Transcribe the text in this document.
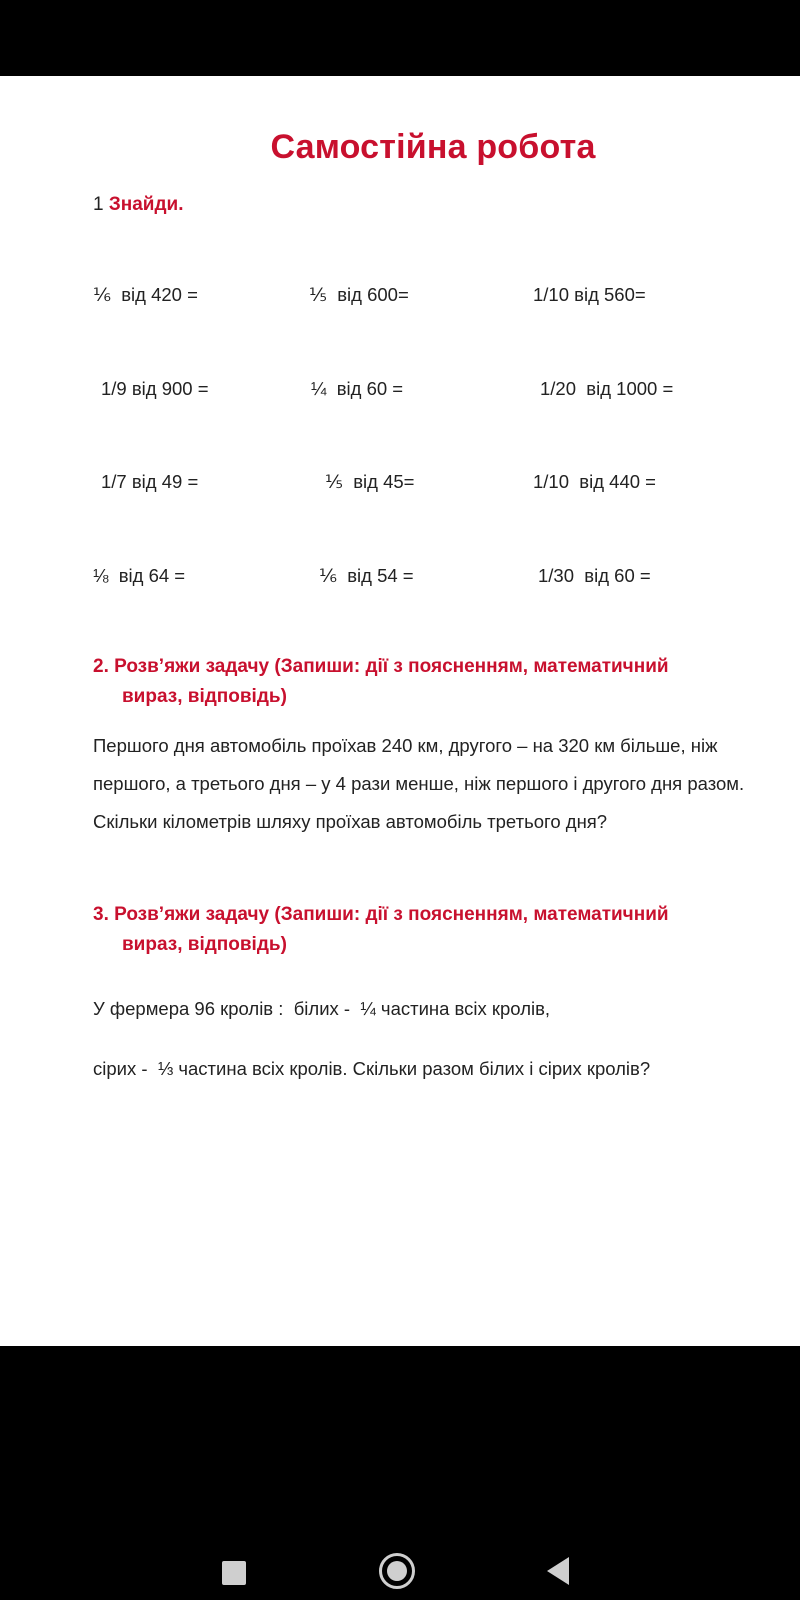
Самостійна робота
1 Знайди.
⅙  від 420 =	⅕  від 600=	1/10 від 560=
1/9 від 900 =	¼  від 60 =	1/20  від 1000 =
1/7 від 49 =	⅕  від 45=	1/10  від 440 =
⅛  від 64 =	⅙  від 54 =	1/30  від 60 =
2. Розв’яжи задачу (Запиши: дії з поясненням, математичний
вираз, відповідь)
Першого дня автомобіль проїхав 240 км, другого – на 320 км більше, ніж першого, а третього дня – у 4 рази менше, ніж першого і другого дня разом. Скільки кілометрів шляху проїхав автомобіль третього дня?
3. Розв’яжи задачу (Запиши: дії з поясненням, математичний
вираз, відповідь)
У фермера 96 кролів :  білих -  ¼ частина всіх кролів,
сірих -  ⅓ частина всіх кролів. Скільки разом білих і сірих кролів?
